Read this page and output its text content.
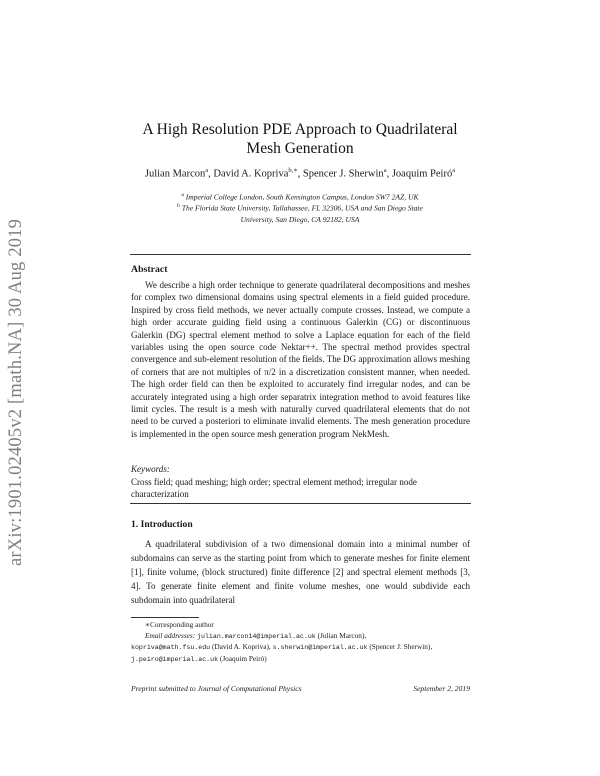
arXiv:1901.02405v2 [math.NA] 30 Aug 2019
A High Resolution PDE Approach to Quadrilateral
Mesh Generation
Julian Marcon$^a$, David A. Kopriva$^{b,∗}$, Spencer J. Sherwin$^a$, Joaquim Peiró$^a$
$^a$ Imperial College London, South Kensington Campus, London SW7 2AZ, UK
$^b$ The Florida State University, Tallahassee, FL 32306, USA and San Diego State
University, San Diego, CA 92182, USA
Abstract
We describe a high order technique to generate quadrilateral decompositions and meshes for complex two dimensional domains using spectral elements in a field guided procedure. Inspired by cross field methods, we never actually compute crosses. Instead, we compute a high order accurate guiding field using a continuous Galerkin (CG) or discontinuous Galerkin (DG) spectral element method to solve a Laplace equation for each of the field variables using the open source code Nektar++. The spectral method provides spectral convergence and sub-element resolution of the fields. The DG approximation allows meshing of corners that are not multiples of π/2 in a discretization consistent manner, when needed. The high order field can then be exploited to accurately find irregular nodes, and can be accurately integrated using a high order separatrix integration method to avoid features like limit cycles. The result is a mesh with naturally curved quadrilateral elements that do not need to be curved a posteriori to eliminate invalid elements. The mesh generation procedure is implemented in the open source mesh generation program NekMesh.
Keywords:
Cross field; quad meshing; high order; spectral element method; irregular node characterization
1. Introduction
A quadrilateral subdivision of a two dimensional domain into a minimal number of subdomains can serve as the starting point from which to generate meshes for finite element [1], finite volume, (block structured) finite difference [2] and spectral element methods [3, 4]. To generate finite element and finite volume meshes, one would subdivide each subdomain into quadrilateral
∗Corresponding author
Email addresses: julian.marcon14@imperial.ac.uk (Julian Marcon),
kopriva@math.fsu.edu (David A. Kopriva), s.sherwin@imperial.ac.uk (Spencer J. Sherwin), j.peiro@imperial.ac.uk (Joaquim Peiró)
Preprint submitted to Journal of Computational Physics	September 2, 2019
